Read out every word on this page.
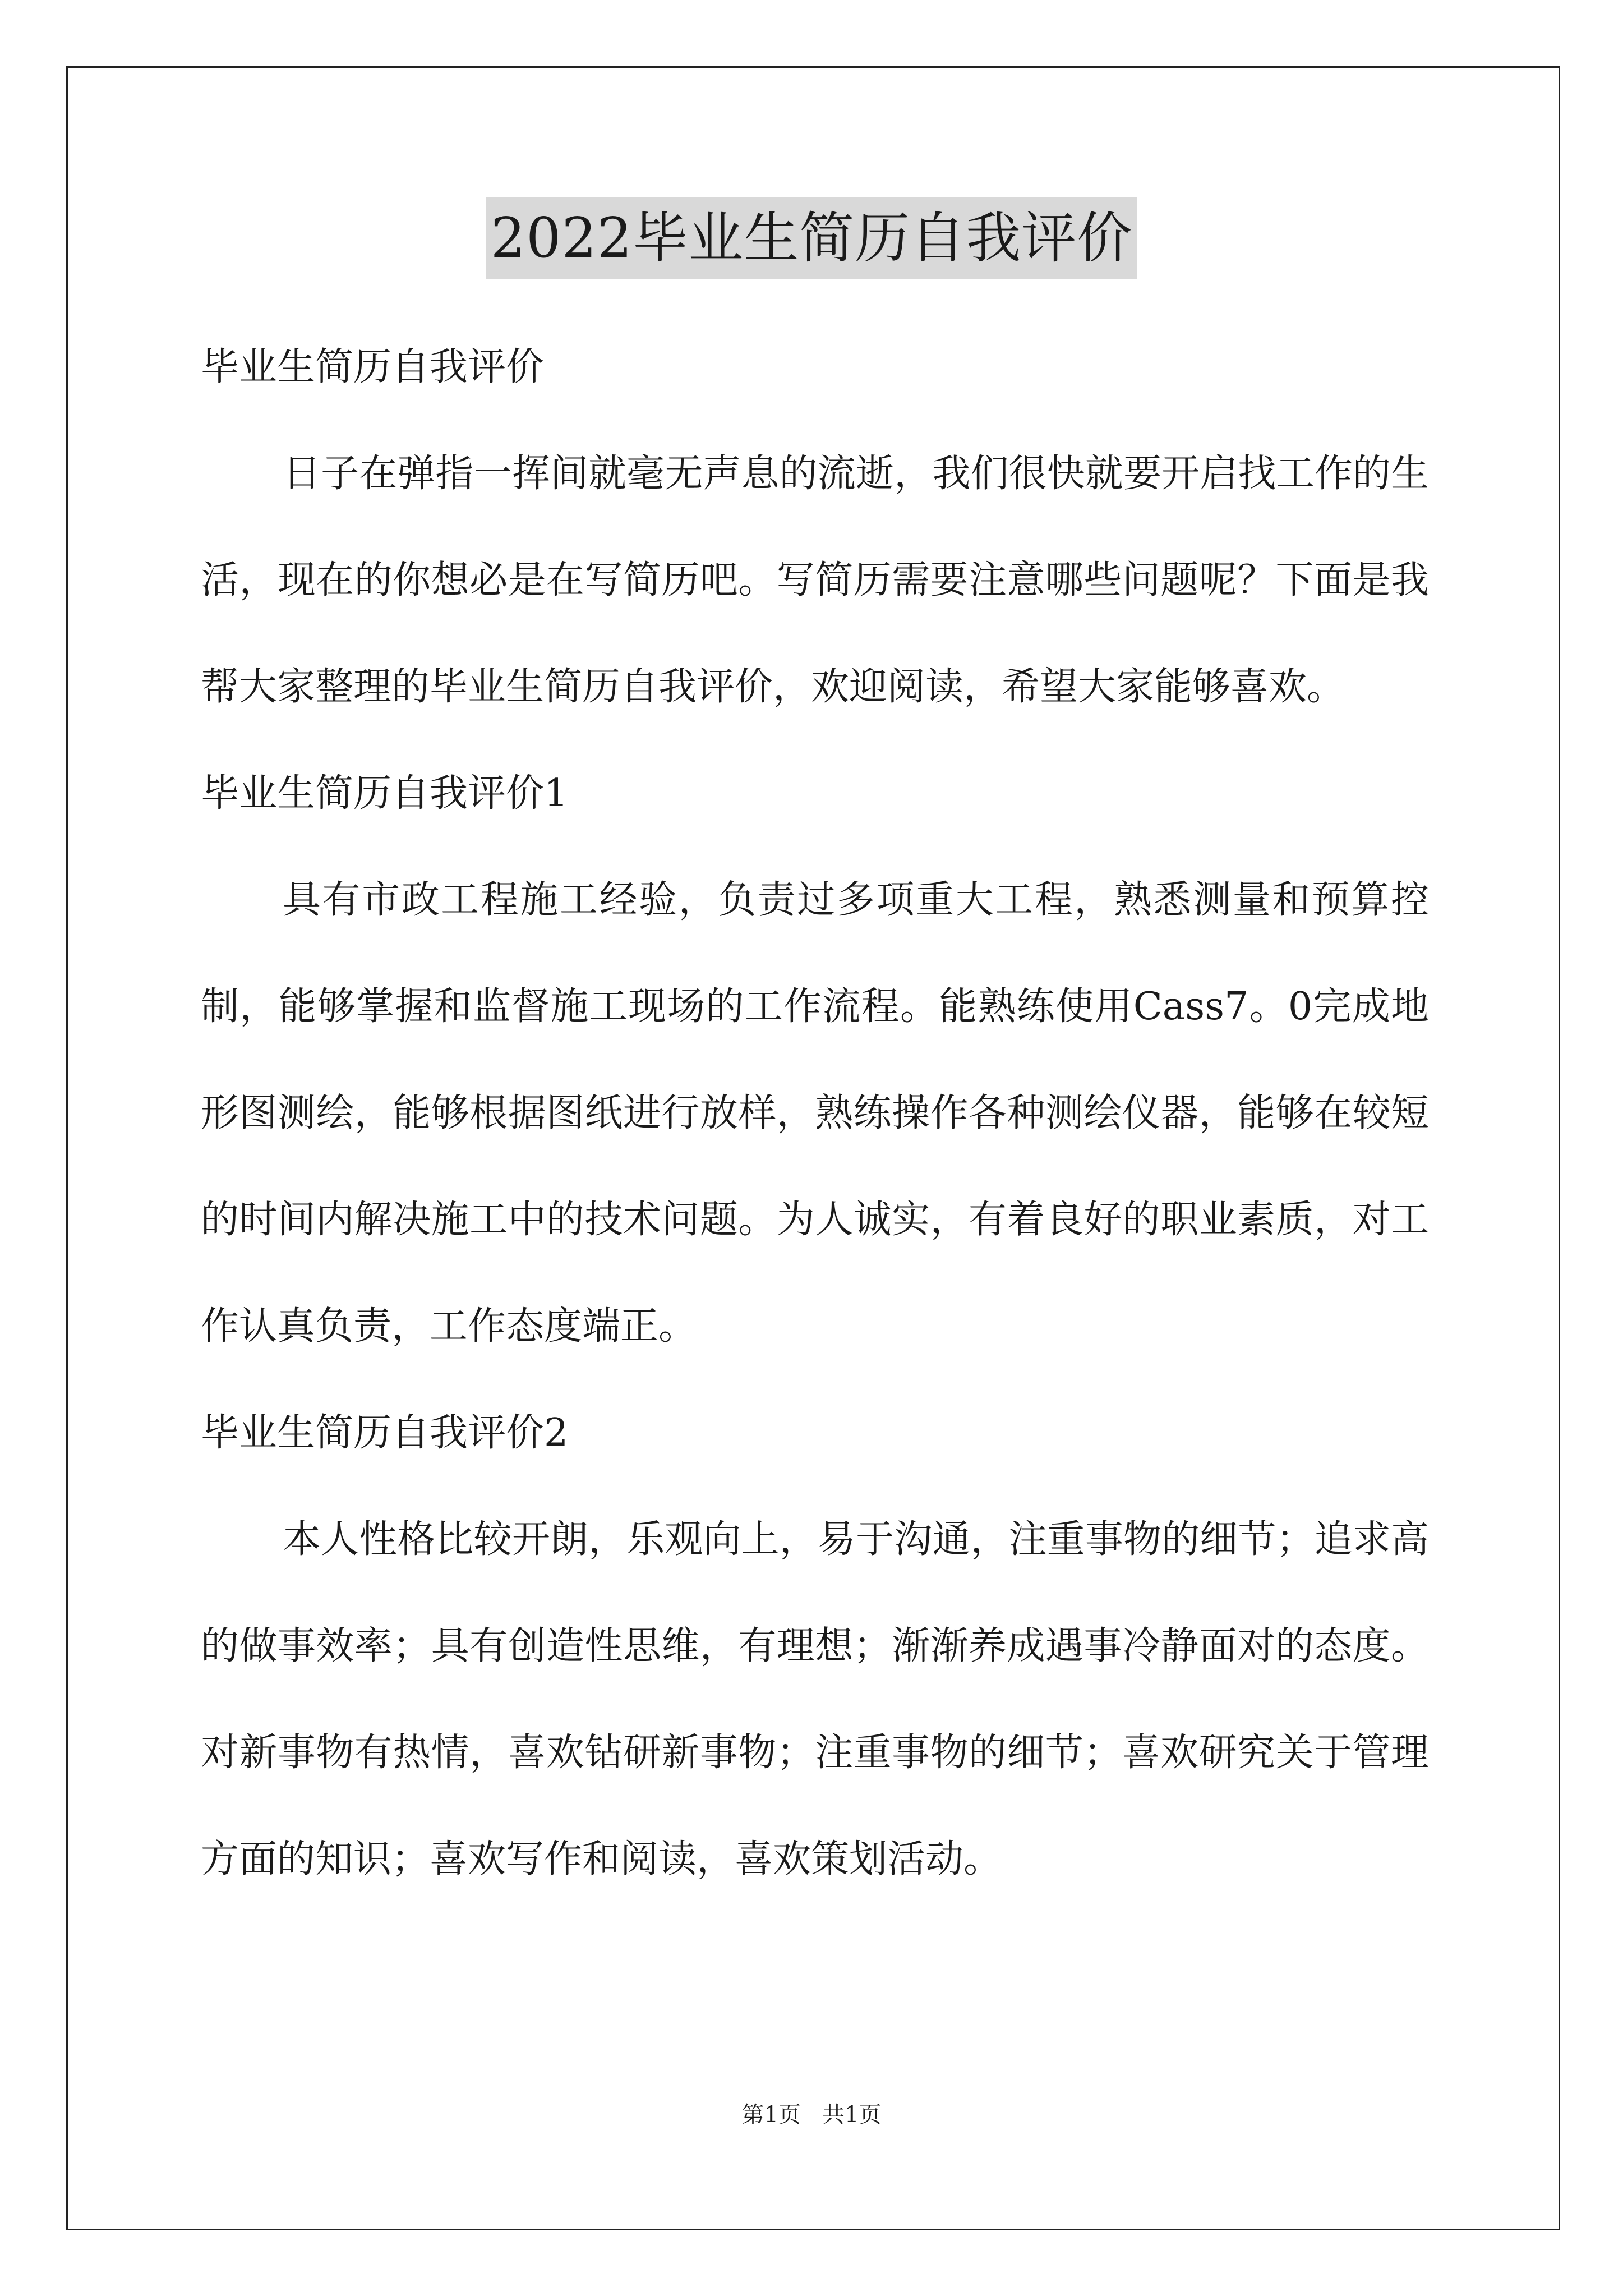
2022毕业生简历自我评价

毕业生简历自我评价

日子在弹指一挥间就毫无声息的流逝，我们很快就要开启找工作的生活，现在的你想必是在写简历吧。写简历需要注意哪些问题呢？下面是我帮大家整理的毕业生简历自我评价，欢迎阅读，希望大家能够喜欢。

毕业生简历自我评价1

具有市政工程施工经验，负责过多项重大工程，熟悉测量和预算控制，能够掌握和监督施工现场的工作流程。能熟练使用Cass7。0完成地形图测绘，能够根据图纸进行放样，熟练操作各种测绘仪器，能够在较短的时间内解决施工中的技术问题。为人诚实，有着良好的职业素质，对工作认真负责，工作态度端正。

毕业生简历自我评价2

本人性格比较开朗，乐观向上，易于沟通，注重事物的细节；追求高的做事效率；具有创造性思维，有理想；渐渐养成遇事冷静面对的态度。对新事物有热情，喜欢钻研新事物；注重事物的细节；喜欢研究关于管理方面的知识；喜欢写作和阅读，喜欢策划活动。

第1页   共1页
